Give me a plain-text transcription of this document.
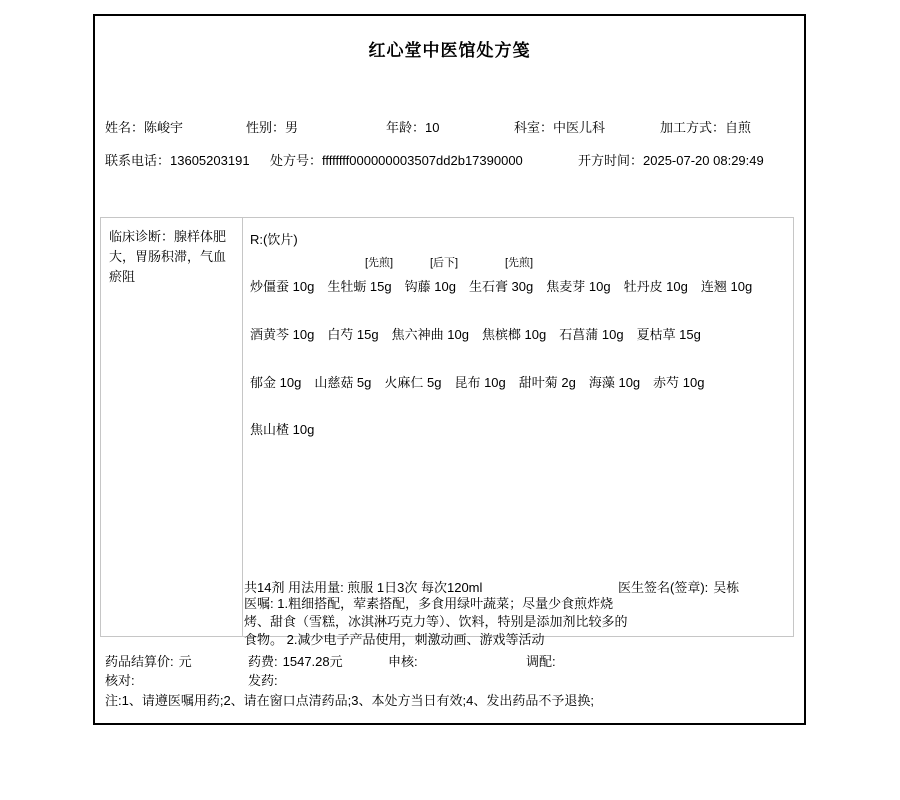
红心堂中医馆处方笺
姓名：陈峻宇	性别：男	年龄：10	科室：中医儿科	加工方式：自煎
联系电话：13605203191 处方号：ffffffff000000003507dd2b17390000	开方时间：2025-07-20 08:29:49
临床诊断：腺样体肥大，胃肠积滞，气血瘀阻
R:(饮片)
[先煎]	[后下]	[先煎]
炒僵蚕 10g 生牡蛎 15g 钩藤 10g 生石膏 30g 焦麦芽 10g 牡丹皮 10g 连翘 10g
酒黄芩 10g 白芍 15g 焦六神曲 10g 焦槟榔 10g 石菖蒲 10g 夏枯草 15g
郁金 10g 山慈菇 5g 火麻仁 5g 昆布 10g 甜叶菊 2g 海藻 10g 赤芍 10g
焦山楂 10g
共14剂 用法用量: 煎服 1日3次 每次120ml	医生签名(签章): 吴栋
医嘱: 1.粗细搭配，荤素搭配，多食用绿叶蔬菜；尽量少食煎炸烧烤、甜食（雪糕，冰淇淋巧克力等）、饮料，特别是添加剂比较多的食物。 2.减少电子产品使用，刺激动画、游戏等活动
药品结算价: 元	药费: 1547.28元	申核:	调配:
核对:	发药:
注:1、请遵医嘱用药;2、请在窗口点清药品;3、本处方当日有效;4、发出药品不予退换;
